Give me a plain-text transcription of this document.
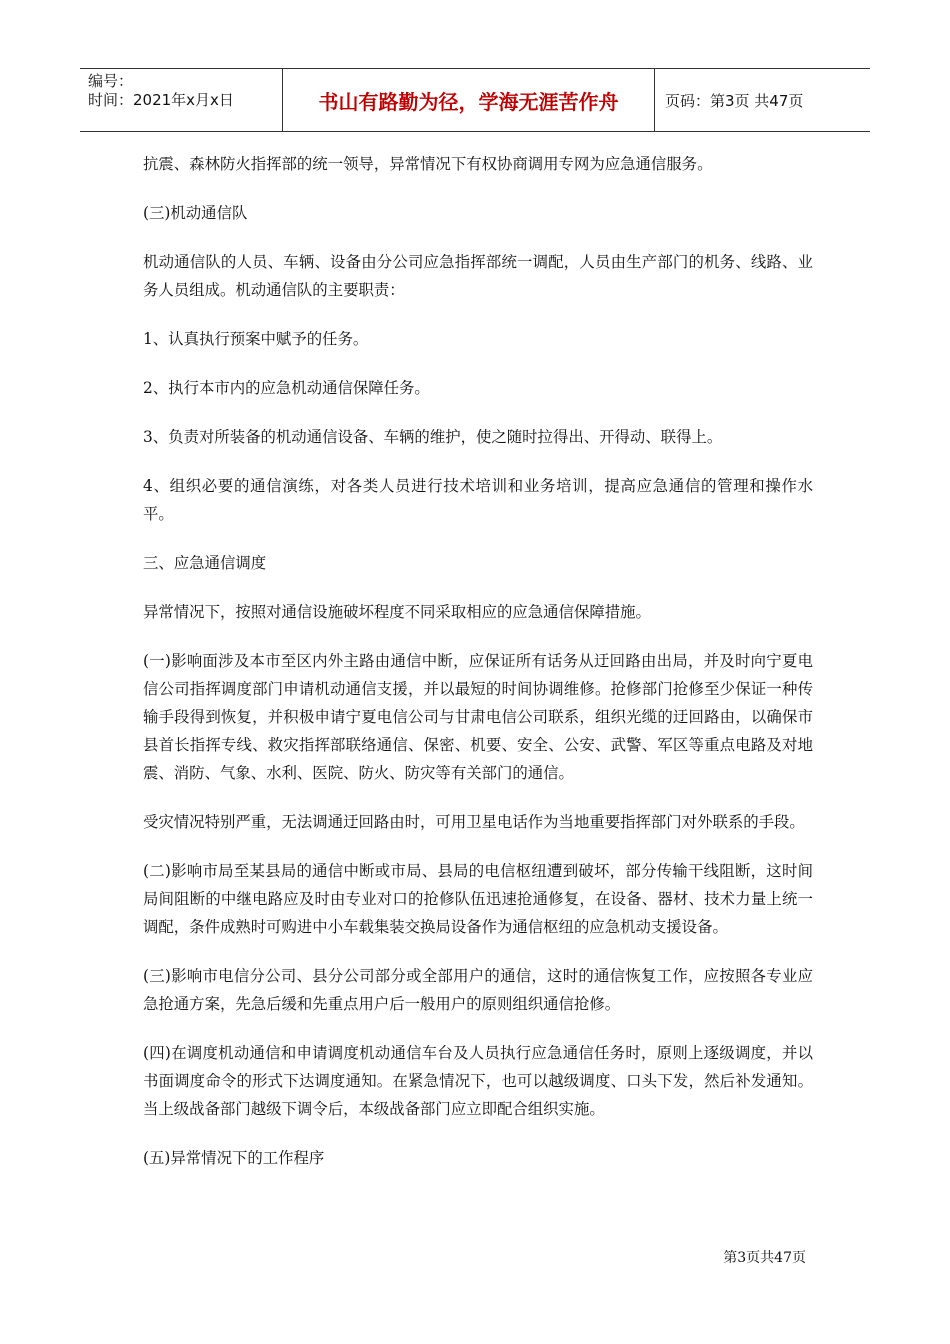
编号：
时间：2021年x月x日	书山有路勤为径，学海无涯苦作舟	页码：第3页 共47页

抗震、森林防火指挥部的统一领导，异常情况下有权协商调用专网为应急通信服务。

(三)机动通信队

机动通信队的人员、车辆、设备由分公司应急指挥部统一调配，人员由生产部门的机务、线路、业务人员组成。机动通信队的主要职责：

1、认真执行预案中赋予的任务。

2、执行本市内的应急机动通信保障任务。

3、负责对所装备的机动通信设备、车辆的维护，使之随时拉得出、开得动、联得上。

4、组织必要的通信演练，对各类人员进行技术培训和业务培训，提高应急通信的管理和操作水平。

三、应急通信调度

异常情况下，按照对通信设施破坏程度不同采取相应的应急通信保障措施。

(一)影响面涉及本市至区内外主路由通信中断，应保证所有话务从迂回路由出局，并及时向宁夏电信公司指挥调度部门申请机动通信支援，并以最短的时间协调维修。抢修部门抢修至少保证一种传输手段得到恢复，并积极申请宁夏电信公司与甘肃电信公司联系，组织光缆的迂回路由，以确保市县首长指挥专线、救灾指挥部联络通信、保密、机要、安全、公安、武警、军区等重点电路及对地震、消防、气象、水利、医院、防火、防灾等有关部门的通信。

受灾情况特别严重，无法调通迂回路由时，可用卫星电话作为当地重要指挥部门对外联系的手段。

(二)影响市局至某县局的通信中断或市局、县局的电信枢纽遭到破坏，部分传输干线阻断，这时间局间阻断的中继电路应及时由专业对口的抢修队伍迅速抢通修复，在设备、器材、技术力量上统一调配，条件成熟时可购进中小车载集装交换局设备作为通信枢纽的应急机动支援设备。

(三)影响市电信分公司、县分公司部分或全部用户的通信，这时的通信恢复工作，应按照各专业应急抢通方案，先急后缓和先重点用户后一般用户的原则组织通信抢修。

(四)在调度机动通信和申请调度机动通信车台及人员执行应急通信任务时，原则上逐级调度，并以书面调度命令的形式下达调度通知。在紧急情况下，也可以越级调度、口头下发，然后补发通知。当上级战备部门越级下调令后，本级战备部门应立即配合组织实施。

(五)异常情况下的工作程序

第3页共47页
